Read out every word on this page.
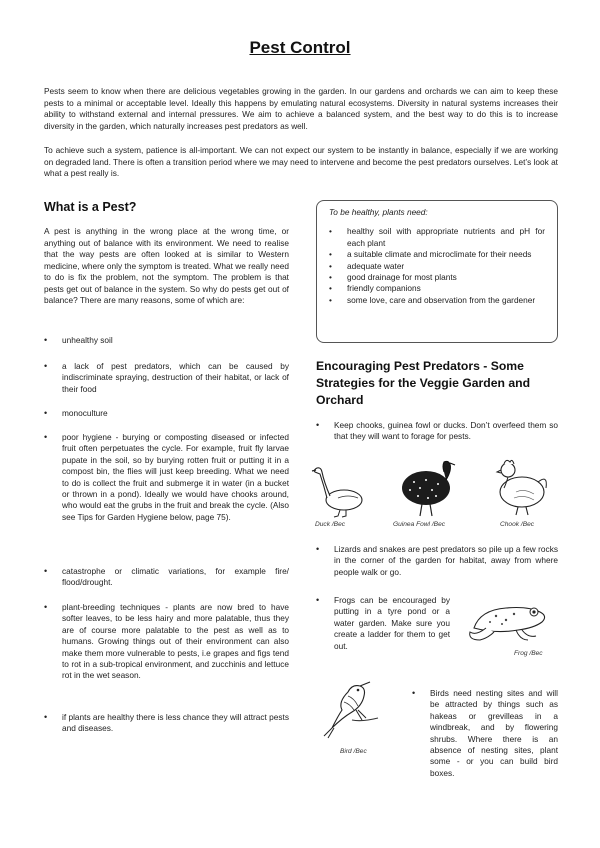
Pest Control

Pests seem to know when there are delicious vegetables growing in the garden. In our gardens and orchards we can aim to keep these pests to a minimal or acceptable level. Ideally this happens by emulating natural ecosystems. Diversity in natural systems increases their ability to withstand external and internal pressures. We aim to achieve a balanced system, and the best way to do this is to increase diversity in the garden, which naturally increases pest predators as well.

To achieve such a system, patience is all-important. We can not expect our system to be instantly in balance, especially if we are working on degraded land. There is often a transition period where we may need to intervene and become the pest predators ourselves. Let’s look at what a pest really is.

What is a Pest?

A pest is anything in the wrong place at the wrong time, or anything out of balance with its environment. We need to realise that the way pests are often looked at is similar to Western medicine, where only the symptom is treated. What we really need to do is fix the problem, not the symptom. The problem is that pests get out of balance in the system. So why do pests get out of balance? There are many reasons, some of which are:

• unhealthy soil
• a lack of pest predators, which can be caused by indiscriminate spraying, destruction of their habitat, or lack of their food
• monoculture
• poor hygiene - burying or composting diseased or infected fruit often perpetuates the cycle. For example, fruit fly larvae pupate in the soil, so by burying rotten fruit or putting it in a compost bin, the flies will just keep breeding. What we need to do is collect the fruit and submerge it in water (in a bucket or thrown in a pond). Ideally we would have chooks around, who would eat the grubs in the fruit and break the cycle. (Also see Tips for Garden Hygiene below, page 75).
• catastrophe or climatic variations, for example fire/ flood/drought.
• plant-breeding techniques - plants are now bred to have softer leaves, to be less hairy and more palatable, thus they are of course more palatable to the pest as well as to humans. Growing things out of their environment can also make them more vulnerable to pests, i.e grapes and figs tend to rot in a sub-tropical environment, and zucchinis and lettuce rot in the wet season.
• if plants are healthy there is less chance they will attract pests and diseases.
To be healthy, plants need:
• healthy soil with appropriate nutrients and pH for each plant
• a suitable climate and microclimate for their needs
• adequate water
• good drainage for most plants
• friendly companions
• some love, care and observation from the gardener
Encouraging Pest Predators - Some Strategies for the Veggie Garden and Orchard
• Keep chooks, guinea fowl or ducks. Don’t overfeed them so that they will want to forage for pests.
Duck /Bec	Guinea Fowl /Bec	Chook /Bec
• Lizards and snakes are pest predators so pile up a few rocks in the corner of the garden for habitat, away from where people walk or go.
• Frogs can be encouraged by putting in a tyre pond or a water garden. Make sure you create a ladder for them to get out.
Frog /Bec
Bird /Bec
• Birds need nesting sites and will be attracted by things such as hakeas or grevilleas in a windbreak, and by flowering shrubs. Where there is an absence of nesting sites, plant some - or you can build bird boxes.
